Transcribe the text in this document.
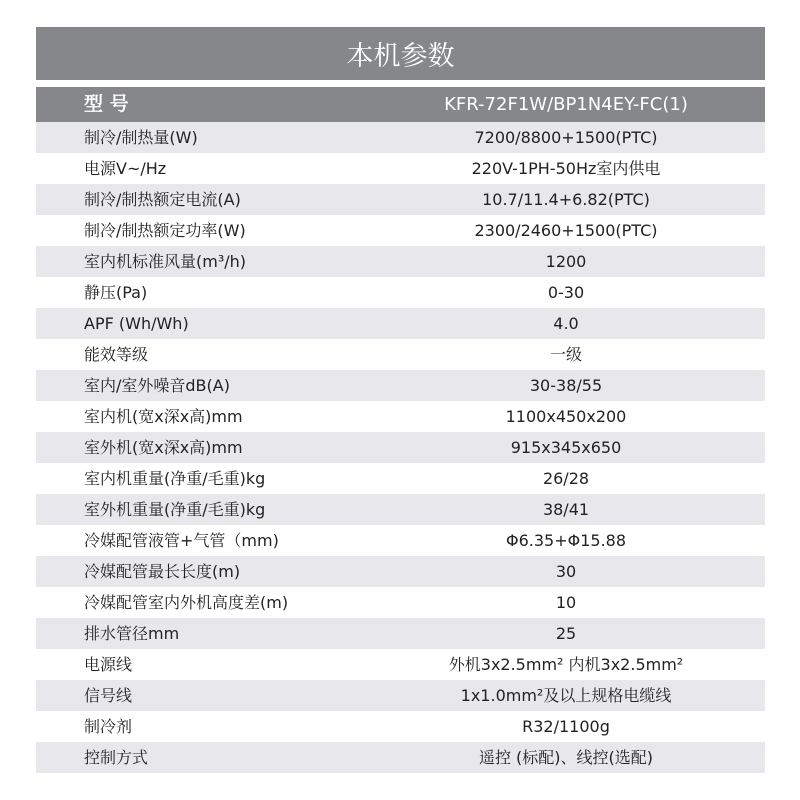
本机参数
型 号	KFR-72F1W/BP1N4EY-FC(1)
制冷/制热量(W)	7200/8800+1500(PTC)
电源V~/Hz	220V-1PH-50Hz室内供电
制冷/制热额定电流(A)	10.7/11.4+6.82(PTC)
制冷/制热额定功率(W)	2300/2460+1500(PTC)
室内机标准风量(m³/h)	1200
静压(Pa)	0-30
APF (Wh/Wh)	4.0
能效等级	一级
室内/室外噪音dB(A)	30-38/55
室内机(宽x深x高)mm	1100x450x200
室外机(宽x深x高)mm	915x345x650
室内机重量(净重/毛重)kg	26/28
室外机重量(净重/毛重)kg	38/41
冷媒配管液管+气管（mm)	Φ6.35+Φ15.88
冷媒配管最长长度(m)	30
冷媒配管室内外机高度差(m)	10
排水管径mm	25
电源线	外机3x2.5mm² 内机3x2.5mm²
信号线	1x1.0mm²及以上规格电缆线
制冷剂	R32/1100g
控制方式	遥控 (标配)、线控(选配)
